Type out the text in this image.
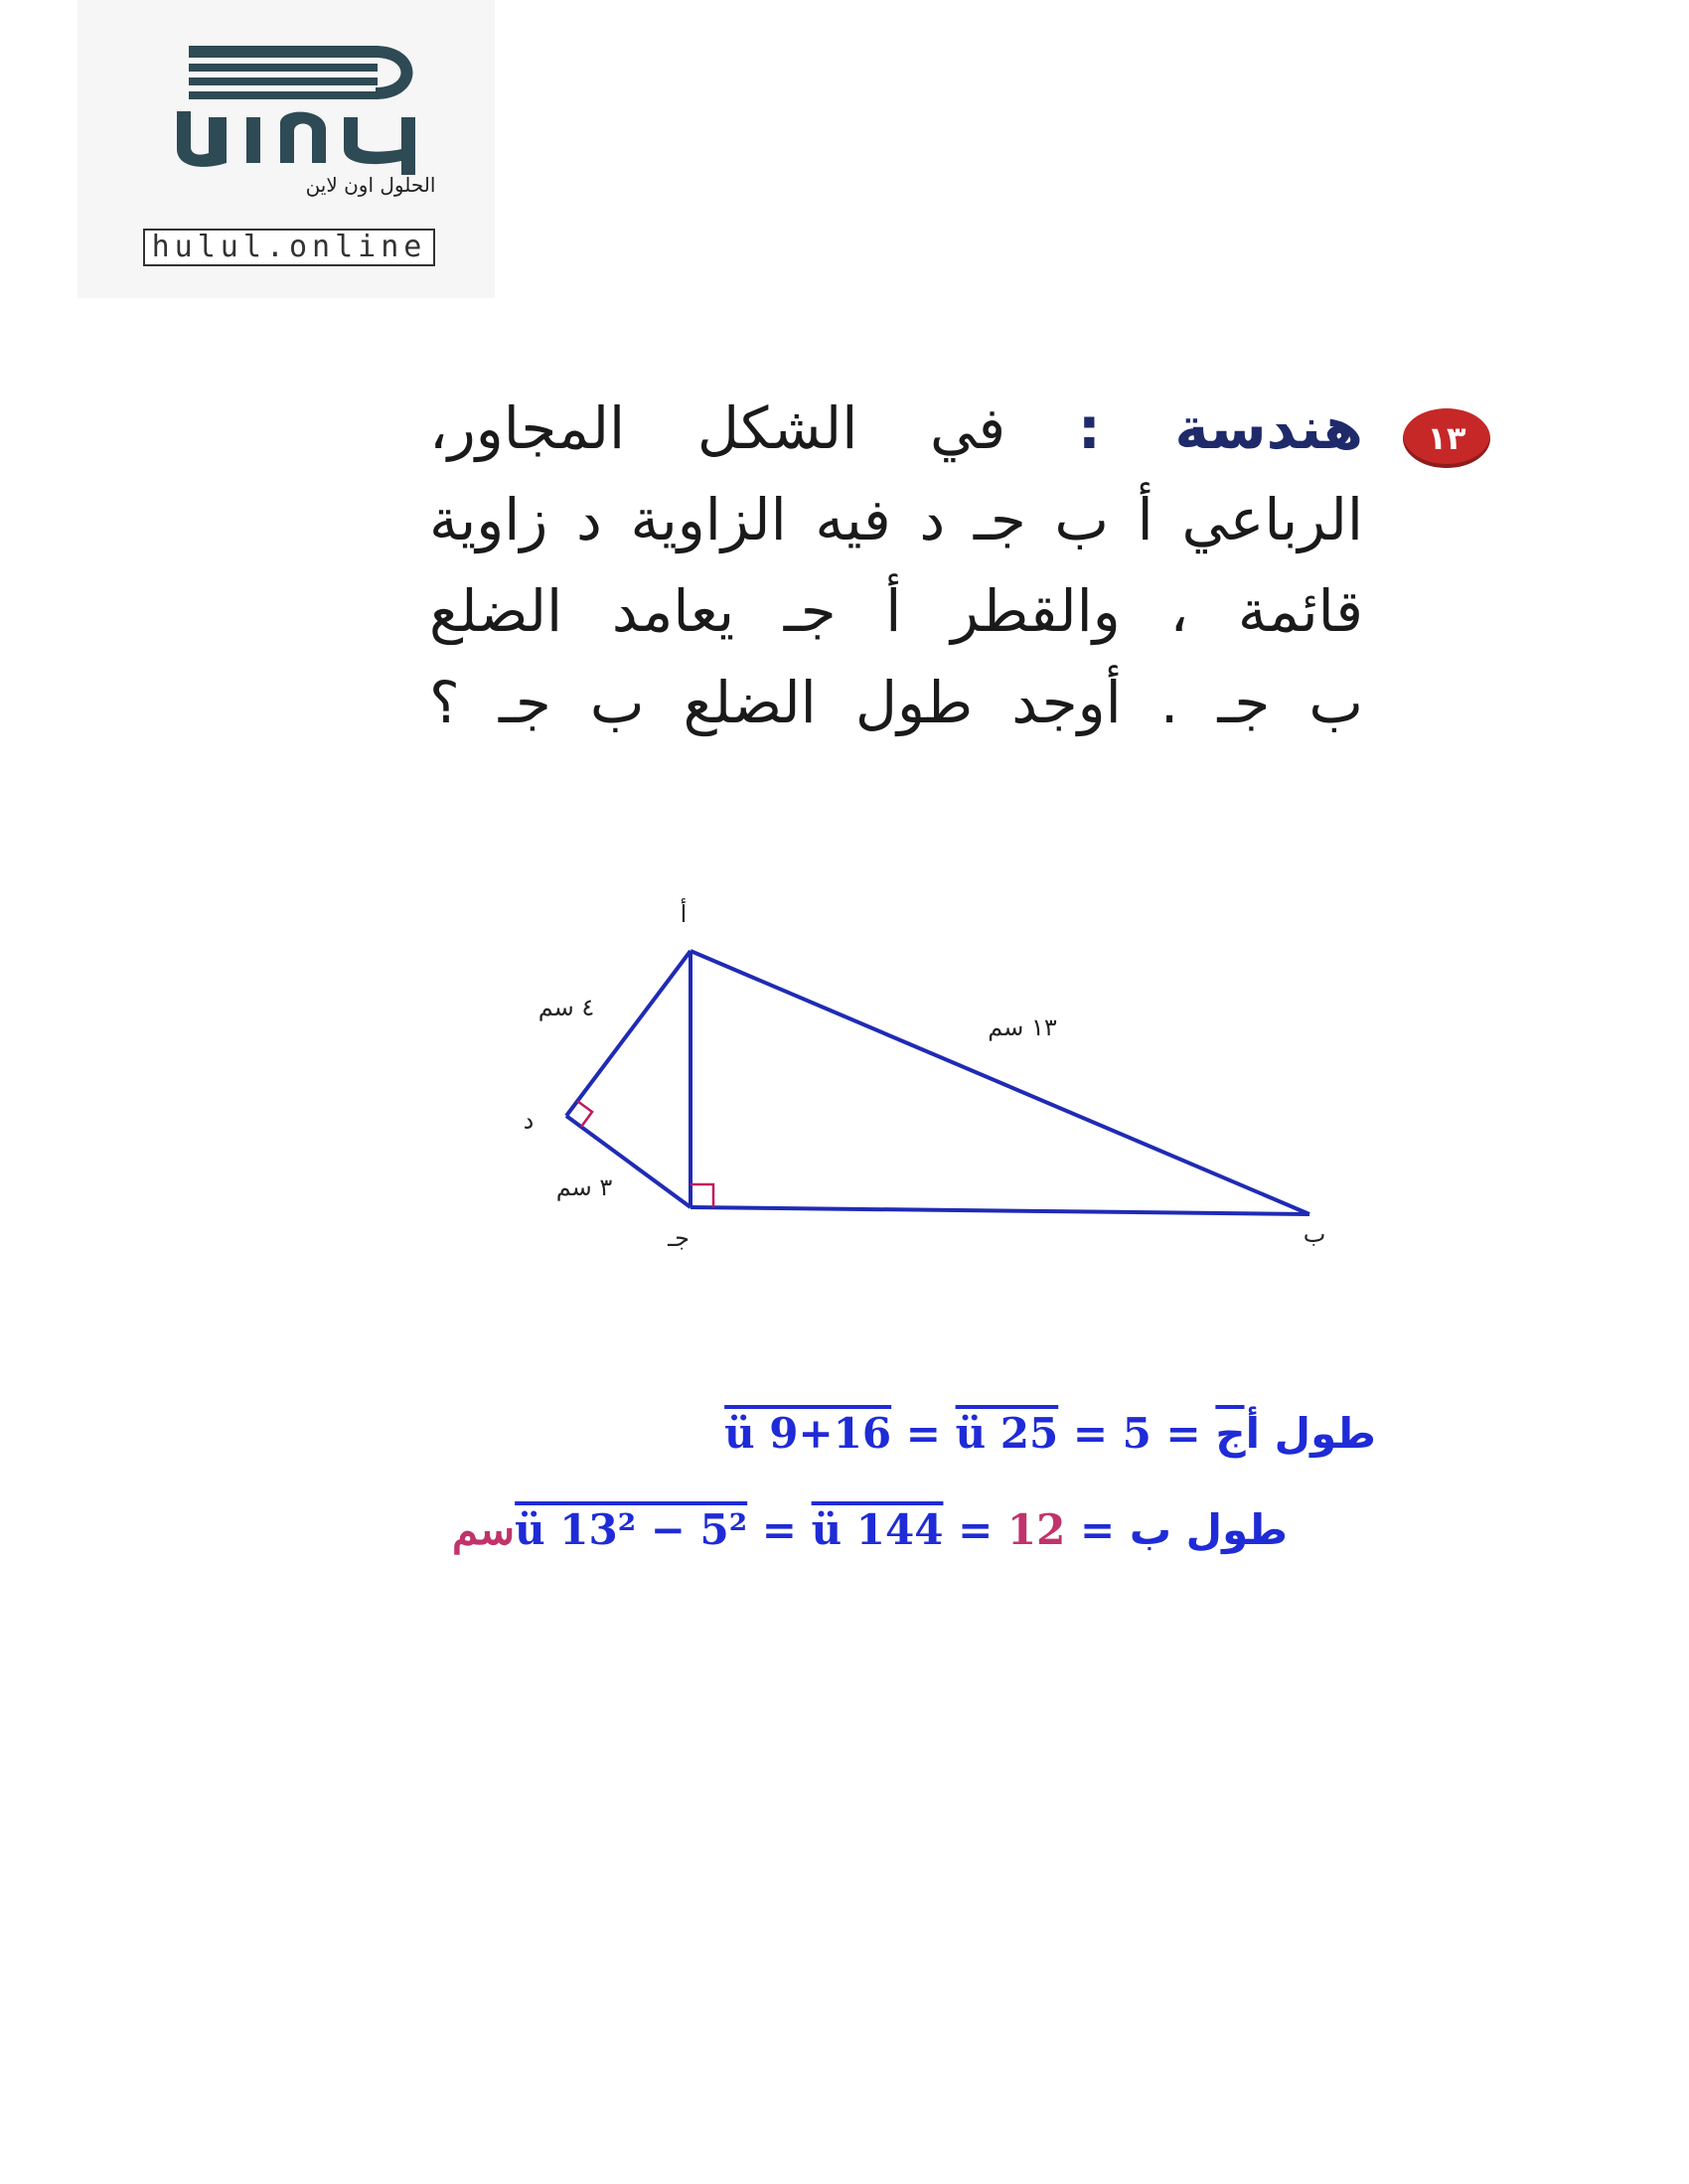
الحلول اون لاين
hulul.online
١٣
هندسة : في الشكل المجاور،
الرباعي أ ب جـ د فيه الزاوية د زاوية
قائمة ، والقطر أ جـ يعامد الضلع
ب جـ . أوجد طول الضلع ب جـ ؟
أ
د
جـ	ب
٤ سم
٣ سم
١٣ سم
طول أج = ü 9+16 = ü 25 = 5
طول ب = ü 13² − 5² = ü 144 = 12سم
